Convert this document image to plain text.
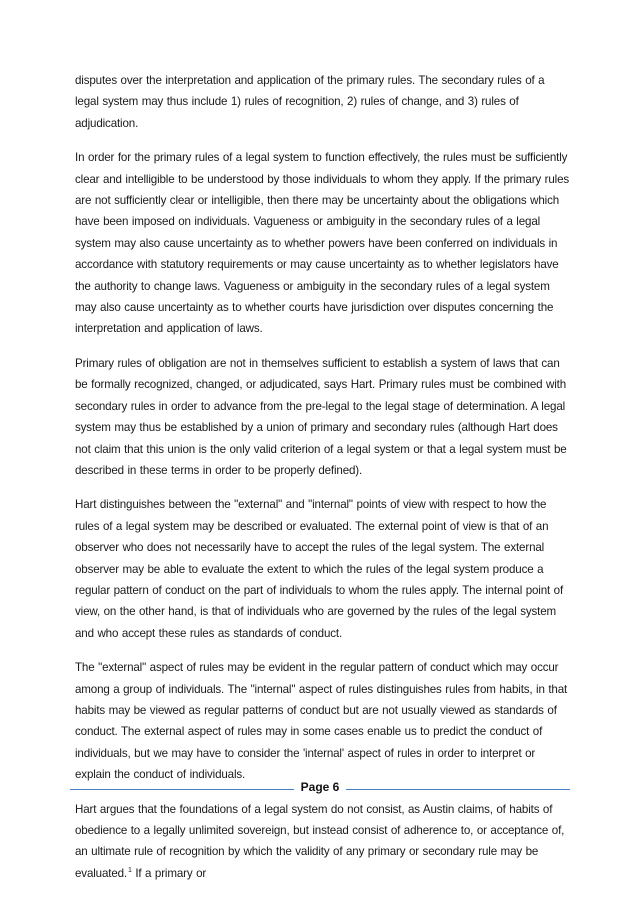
disputes over the interpretation and application of the primary rules. The secondary rules of a legal system may thus include 1) rules of recognition, 2) rules of change, and 3) rules of adjudication.

In order for the primary rules of a legal system to function effectively, the rules must be sufficiently clear and intelligible to be understood by those individuals to whom they apply. If the primary rules are not sufficiently clear or intelligible, then there may be uncertainty about the obligations which have been imposed on individuals. Vagueness or ambiguity in the secondary rules of a legal system may also cause uncertainty as to whether powers have been conferred on individuals in accordance with statutory requirements or may cause uncertainty as to whether legislators have the authority to change laws. Vagueness or ambiguity in the secondary rules of a legal system may also cause uncertainty as to whether courts have jurisdiction over disputes concerning the interpretation and application of laws.

Primary rules of obligation are not in themselves sufficient to establish a system of laws that can be formally recognized, changed, or adjudicated, says Hart. Primary rules must be combined with secondary rules in order to advance from the pre-legal to the legal stage of determination. A legal system may thus be established by a union of primary and secondary rules (although Hart does not claim that this union is the only valid criterion of a legal system or that a legal system must be described in these terms in order to be properly defined).

Hart distinguishes between the "external" and "internal" points of view with respect to how the rules of a legal system may be described or evaluated. The external point of view is that of an observer who does not necessarily have to accept the rules of the legal system. The external observer may be able to evaluate the extent to which the rules of the legal system produce a regular pattern of conduct on the part of individuals to whom the rules apply. The internal point of view, on the other hand, is that of individuals who are governed by the rules of the legal system and who accept these rules as standards of conduct.

The "external" aspect of rules may be evident in the regular pattern of conduct which may occur among a group of individuals. The "internal" aspect of rules distinguishes rules from habits, in that habits may be viewed as regular patterns of conduct but are not usually viewed as standards of conduct. The external aspect of rules may in some cases enable us to predict the conduct of individuals, but we may have to consider the 'internal' aspect of rules in order to interpret or explain the conduct of individuals.

Hart argues that the foundations of a legal system do not consist, as Austin claims, of habits of obedience to a legally unlimited sovereign, but instead consist of adherence to, or acceptance of, an ultimate rule of recognition by which the validity of any primary or secondary rule may be evaluated.$^1$ If a primary or

Page 6
